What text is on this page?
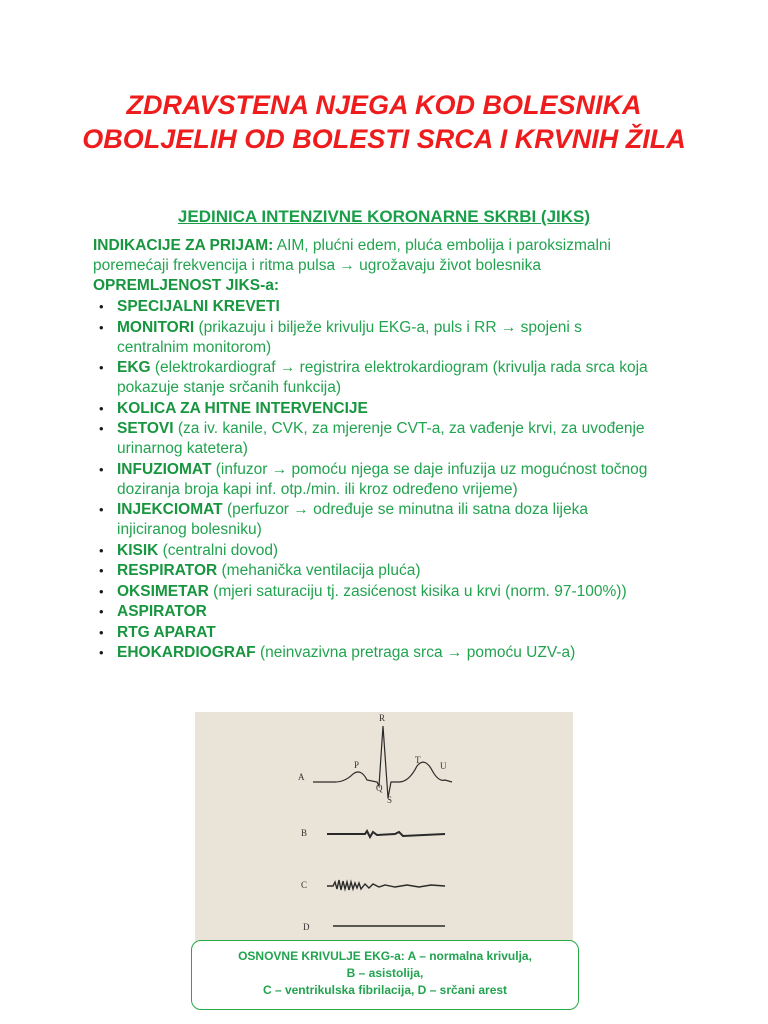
ZDRAVSTENA NJEGA KOD BOLESNIKA OBOLJELIH OD BOLESTI SRCA I KRVNIH ŽILA
JEDINICA INTENZIVNE KORONARNE SKRBI (JIKS)
INDIKACIJE ZA PRIJAM: AIM, plućni edem, pluća embolija i paroksizmalni poremećaji frekvencija i ritma pulsa → ugrožavaju život bolesnika
OPREMLJENOST JIKS-a:
• SPECIJALNI KREVETI
• MONITORI (prikazuju i bilježe krivulju EKG-a, puls i RR → spojeni s centralnim monitorom)
• EKG (elektrokardiograf → registrira elektrokardiogram (krivulja rada srca koja pokazuje stanje srčanih funkcija)
• KOLICA ZA HITNE INTERVENCIJE
• SETOVI (za iv. kanile, CVK, za mjerenje CVT-a, za vađenje krvi, za uvođenje urinarnog katetera)
• INFUZIOMAT (infuzor → pomoću njega se daje infuzija uz mogućnost točnog doziranja broja kapi inf. otp./min. ili kroz određeno vrijeme)
• INJEKCIOMAT (perfuzor → određuje se minutna ili satna doza lijeka injiciranog bolesniku)
• KISIK (centralni dovod)
• RESPIRATOR (mehanička ventilacija pluća)
• OKSIMETAR (mjeri saturaciju tj. zasićenost kisika u krvi (norm. 97-100%))
• ASPIRATOR
• RTG APARAT
• EHOKARDIOGRAF (neinvazivna pretraga srca → pomoću UZV-a)
A
B
C
D
R
P	T
U
Q
S
OSNOVNE KRIVULJE EKG-a: A – normalna krivulja,
B – asistolija,
C – ventrikulska fibrilacija, D – srčani arest
